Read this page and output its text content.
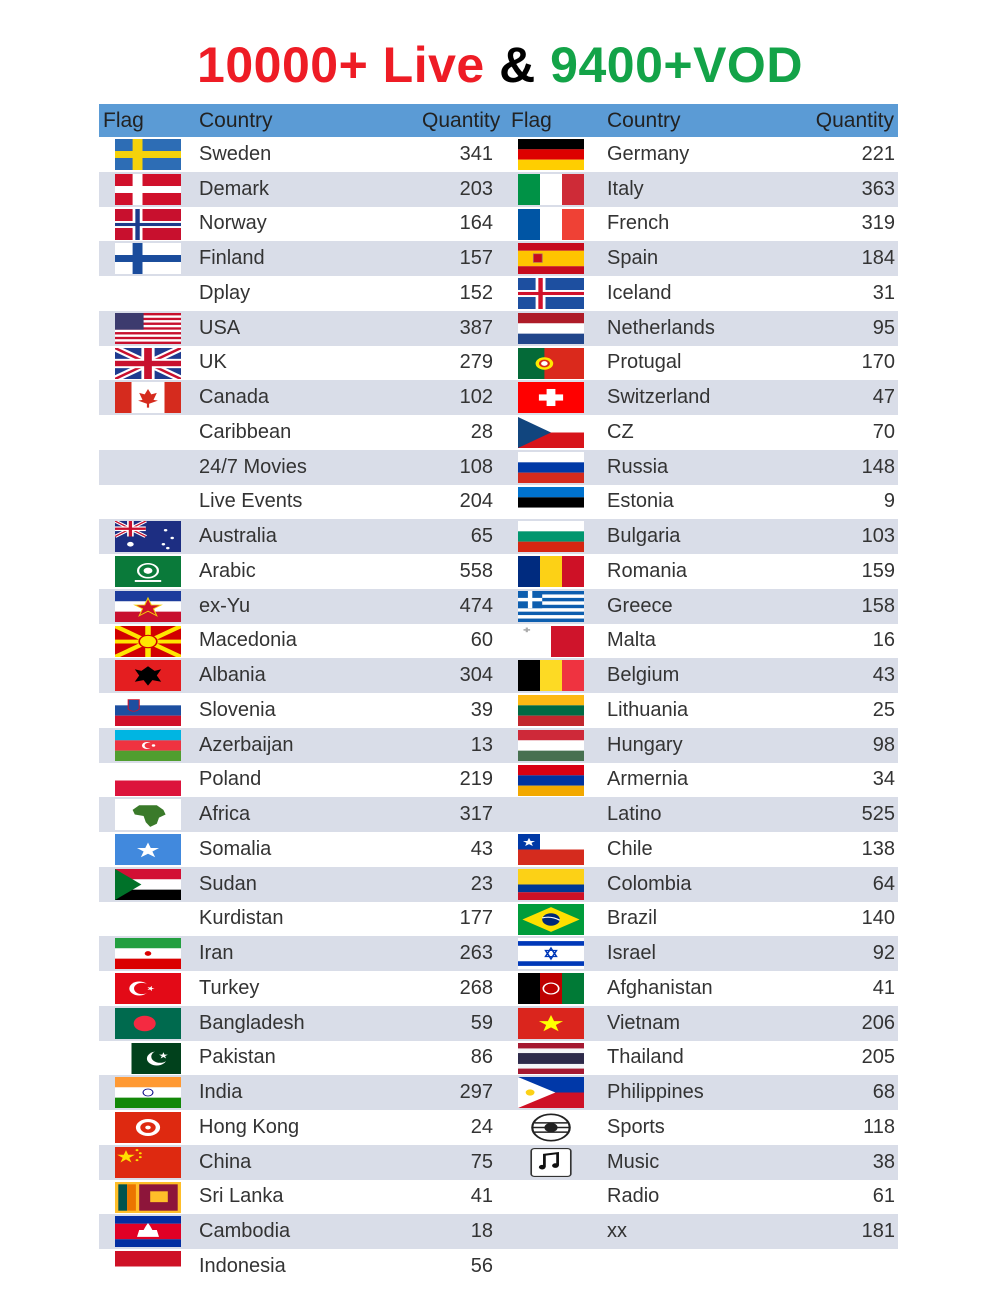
10000+ Live & 9400+VOD
Flag	Country	Quantity Flag	Country	Quantity
Sweden	341	Germany	221
Demark	203	Italy	363
Norway	164	French	319
Finland	157	Spain	184
Dplay	152	Iceland	31
USA	387	Netherlands	95
UK	279	Protugal	170
Canada	102	Switzerland	47
Caribbean	28	CZ	70
24/7 Movies	108	Russia	148
Live Events	204	Estonia	9
Australia	65	Bulgaria	103
Arabic	558	Romania	159
ex-Yu	474	Greece	158
Macedonia	60	Malta	16
Albania	304	Belgium	43
Slovenia	39	Lithuania	25
Azerbaijan	13	Hungary	98
Poland	219	Armernia	34
Africa	317	Latino	525
Somalia	43	Chile	138
Sudan	23	Colombia	64
Kurdistan	177	Brazil	140
Iran	263	Israel	92
Turkey	268	Afghanistan	41
Bangladesh	59	Vietnam	206
Pakistan	86	Thailand	205
India	297	Philippines	68
Hong Kong	24	Sports	118
China	75	Music	38
Sri Lanka	41	Radio	61
Cambodia	18	xx	181
Indonesia	56
